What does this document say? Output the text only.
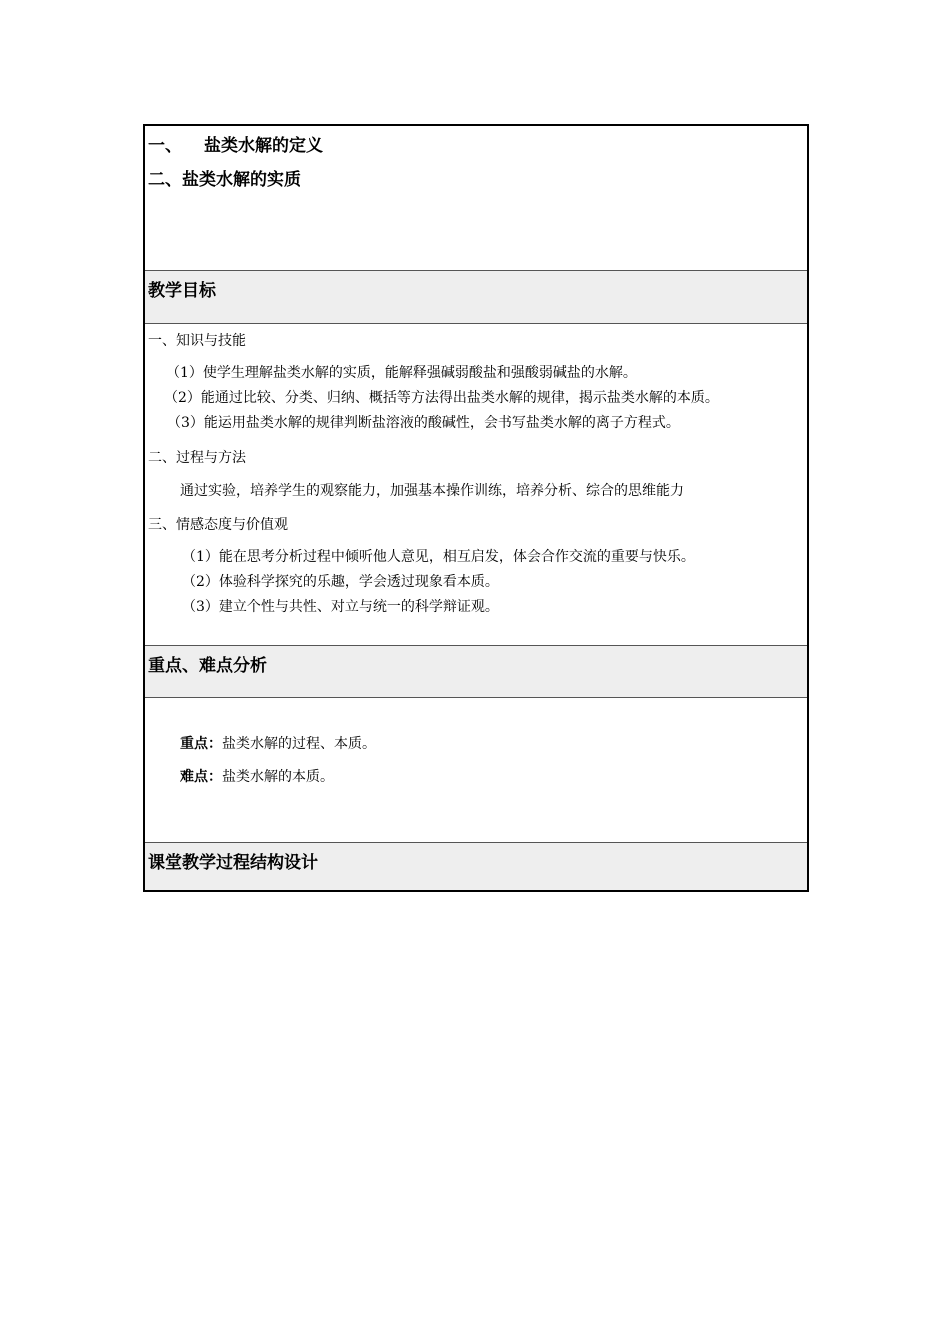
一、 盐类水解的定义
二、盐类水解的实质
教学目标
一、知识与技能
（1）使学生理解盐类水解的实质，能解释强碱弱酸盐和强酸弱碱盐的水解。
（2）能通过比较、分类、归纳、概括等方法得出盐类水解的规律，揭示盐类水解的本质。
（3）能运用盐类水解的规律判断盐溶液的酸碱性，会书写盐类水解的离子方程式。
二、过程与方法
通过实验，培养学生的观察能力，加强基本操作训练，培养分析、综合的思维能力
三、情感态度与价值观
（1）能在思考分析过程中倾听他人意见，相互启发，体会合作交流的重要与快乐。
（2）体验科学探究的乐趣，学会透过现象看本质。
（3）建立个性与共性、对立与统一的科学辩证观。
重点、难点分析
重点：盐类水解的过程、本质。
难点：盐类水解的本质。
课堂教学过程结构设计
